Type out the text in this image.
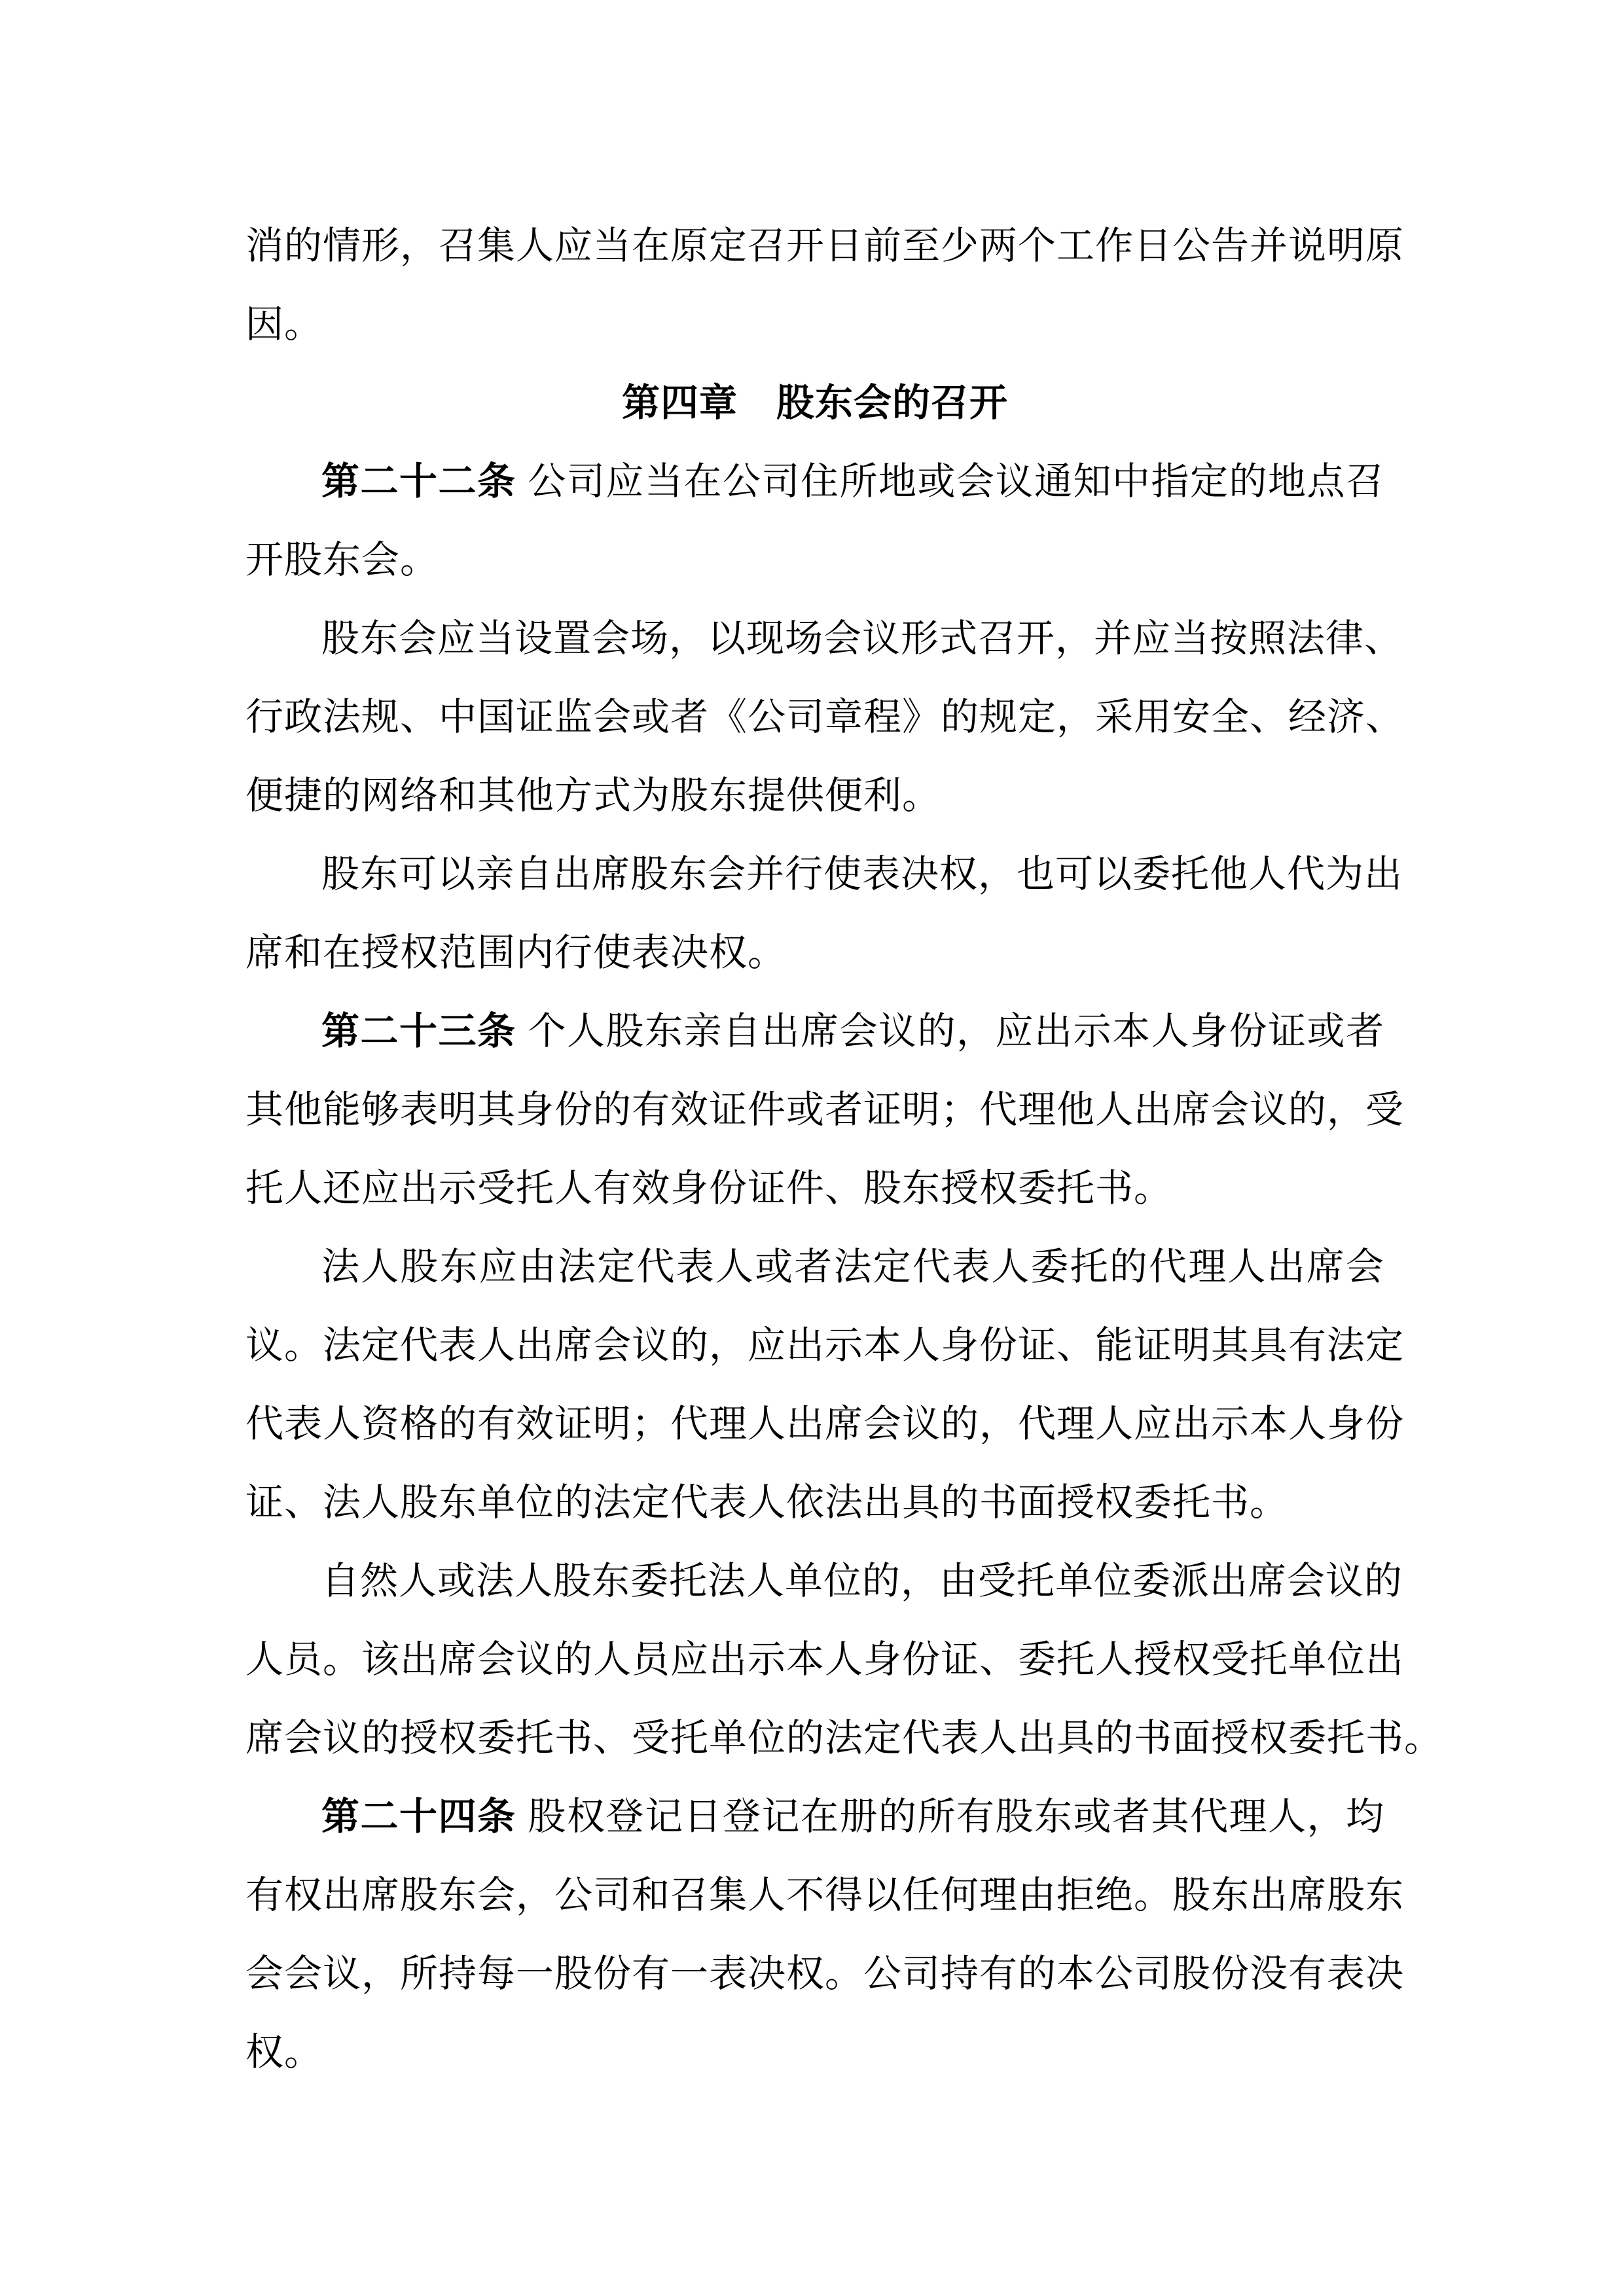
消的情形，召集人应当在原定召开日前至少两个工作日公告并说明原
因。
第四章　股东会的召开
第二十二条 公司应当在公司住所地或会议通知中指定的地点召
开股东会。
股东会应当设置会场，以现场会议形式召开，并应当按照法律、
行政法规、中国证监会或者《公司章程》的规定，采用安全、经济、
便捷的网络和其他方式为股东提供便利。
股东可以亲自出席股东会并行使表决权，也可以委托他人代为出
席和在授权范围内行使表决权。
第二十三条 个人股东亲自出席会议的，应出示本人身份证或者
其他能够表明其身份的有效证件或者证明；代理他人出席会议的，受
托人还应出示受托人有效身份证件、股东授权委托书。
法人股东应由法定代表人或者法定代表人委托的代理人出席会
议。法定代表人出席会议的，应出示本人身份证、能证明其具有法定
代表人资格的有效证明；代理人出席会议的，代理人应出示本人身份
证、法人股东单位的法定代表人依法出具的书面授权委托书。
自然人或法人股东委托法人单位的，由受托单位委派出席会议的
人员。该出席会议的人员应出示本人身份证、委托人授权受托单位出
席会议的授权委托书、受托单位的法定代表人出具的书面授权委托书。
第二十四条 股权登记日登记在册的所有股东或者其代理人，均
有权出席股东会，公司和召集人不得以任何理由拒绝。股东出席股东
会会议，所持每一股份有一表决权。公司持有的本公司股份没有表决
权。
